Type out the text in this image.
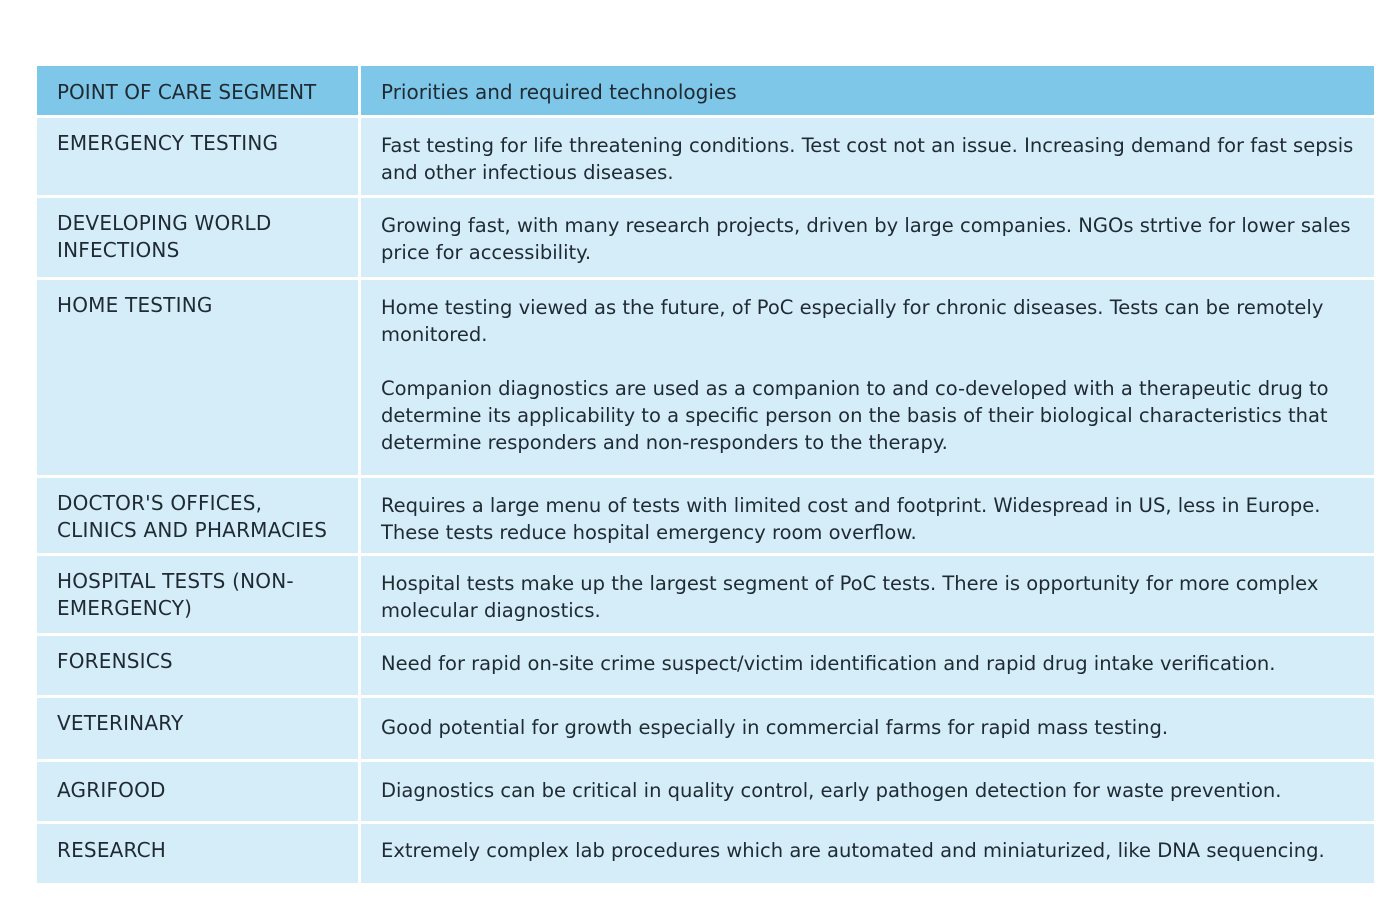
POINT OF CARE SEGMENT	Priorities and required technologies
EMERGENCY TESTING	Fast testing for life threatening conditions. Test cost not an issue. Increasing demand for fast sepsis and other infectious diseases.

DEVELOPING WORLD INFECTIONS	Growing fast, with many research projects, driven by large companies. NGOs strtive for lower sales price for accessibility.

HOME TESTING	Home testing viewed as the future, of PoC especially for chronic diseases. Tests can be remotely monitored.

Companion diagnostics are used as a companion to and co-developed with a therapeutic drug to determine its applicability to a specific person on the basis of their biological characteristics that determine responders and non-responders to the therapy.

DOCTOR'S OFFICES, CLINICS AND PHARMACIES	Requires a large menu of tests with limited cost and footprint. Widespread in US, less in Europe. These tests reduce hospital emergency room overflow.

HOSPITAL TESTS (NON-EMERGENCY)	Hospital tests make up the largest segment of PoC tests. There is opportunity for more complex molecular diagnostics.

FORENSICS	Need for rapid on-site crime suspect/victim identification and rapid drug intake verification.

VETERINARY	Good potential for growth especially in commercial farms for rapid mass testing.

AGRIFOOD	Diagnostics can be critical in quality control, early pathogen detection for waste prevention.

RESEARCH	Extremely complex lab procedures which are automated and miniaturized, like DNA sequencing.
